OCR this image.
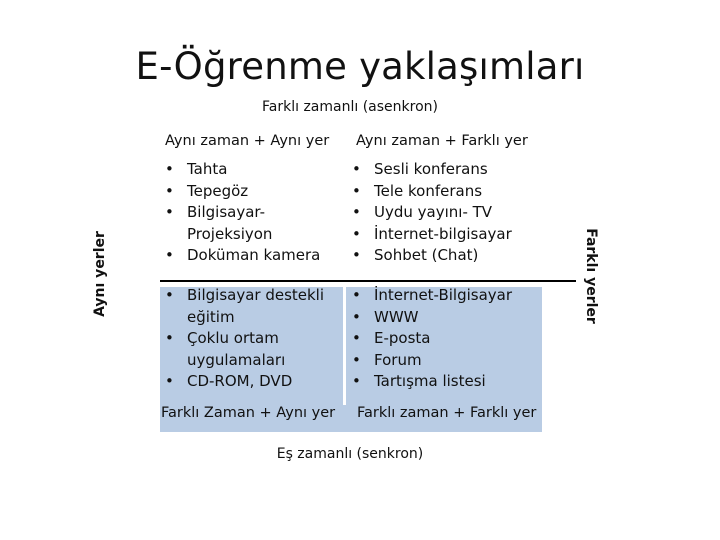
E-Öğrenme yaklaşımları
Farklı zamanlı (asenkron)
Aynı yerler	Farklı yerler
Eş zamanlı (senkron)
Aynı zaman + Aynı yer
• Tahta
• Tepegöz
• Bilgisayar-Projeksiyon
• Doküman kamera
Aynı zaman + Farklı yer
• Sesli konferans
• Tele konferans
• Uydu yayını- TV
• İnternet-bilgisayar
• Sohbet (Chat)
• Bilgisayar destekli eğitim
• Çoklu ortam uygulamaları
• CD-ROM, DVD
Farklı Zaman + Aynı yer
• İnternet-Bilgisayar
• WWW
• E-posta
• Forum
• Tartışma listesi
Farklı zaman + Farklı yer
